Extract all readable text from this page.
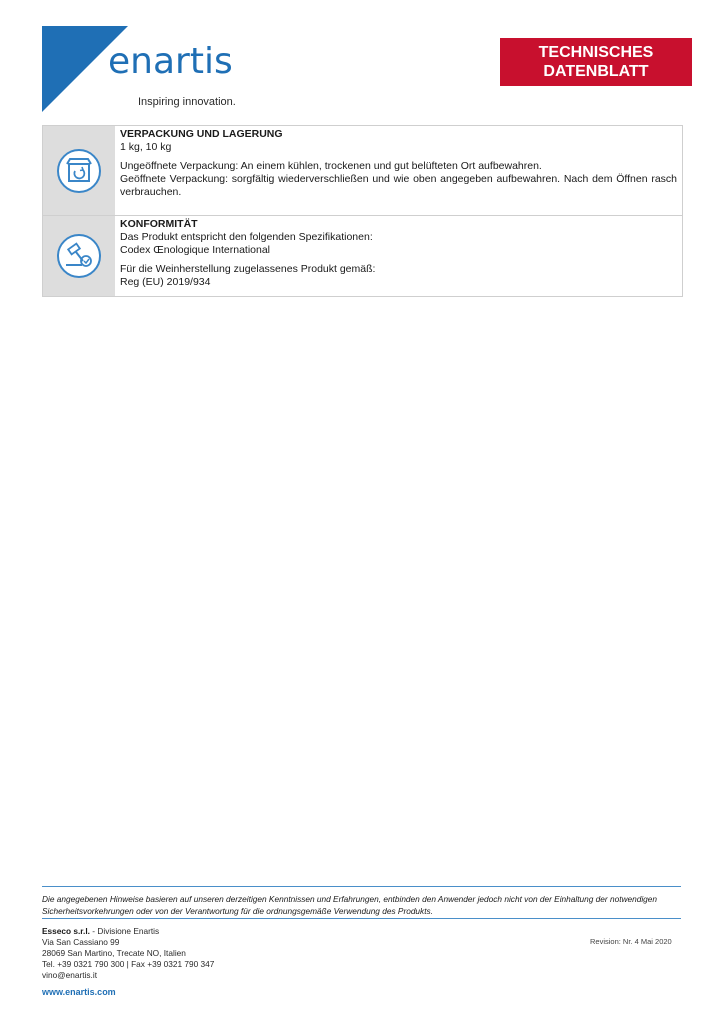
enartis
Inspiring innovation.
TECHNISCHES
DATENBLATT
VERPACKUNG UND LAGERUNG
1 kg, 10 kg
Ungeöffnete Verpackung: An einem kühlen, trockenen und gut belüfteten Ort aufbewahren.
Geöffnete Verpackung: sorgfältig wiederverschließen und wie oben angegeben aufbewahren. Nach dem Öffnen rasch verbrauchen.
KONFORMITÄT
Das Produkt entspricht den folgenden Spezifikationen:
Codex Œnologique International
Für die Weinherstellung zugelassenes Produkt gemäß:
Reg (EU) 2019/934
Die angegebenen Hinweise basieren auf unseren derzeitigen Kenntnissen und Erfahrungen, entbinden den Anwender jedoch nicht von der Einhaltung der notwendigen Sicherheitsvorkehrungen oder von der Verantwortung für die ordnungsgemäße Verwendung des Produkts.
Esseco s.r.l. - Divisione Enartis
Via San Cassiano 99
28069 San Martino, Trecate NO, Italien
Tel. +39 0321 790 300 | Fax +39 0321 790 347
vino@enartis.it
Revision: Nr. 4 Mai 2020
www.enartis.com
